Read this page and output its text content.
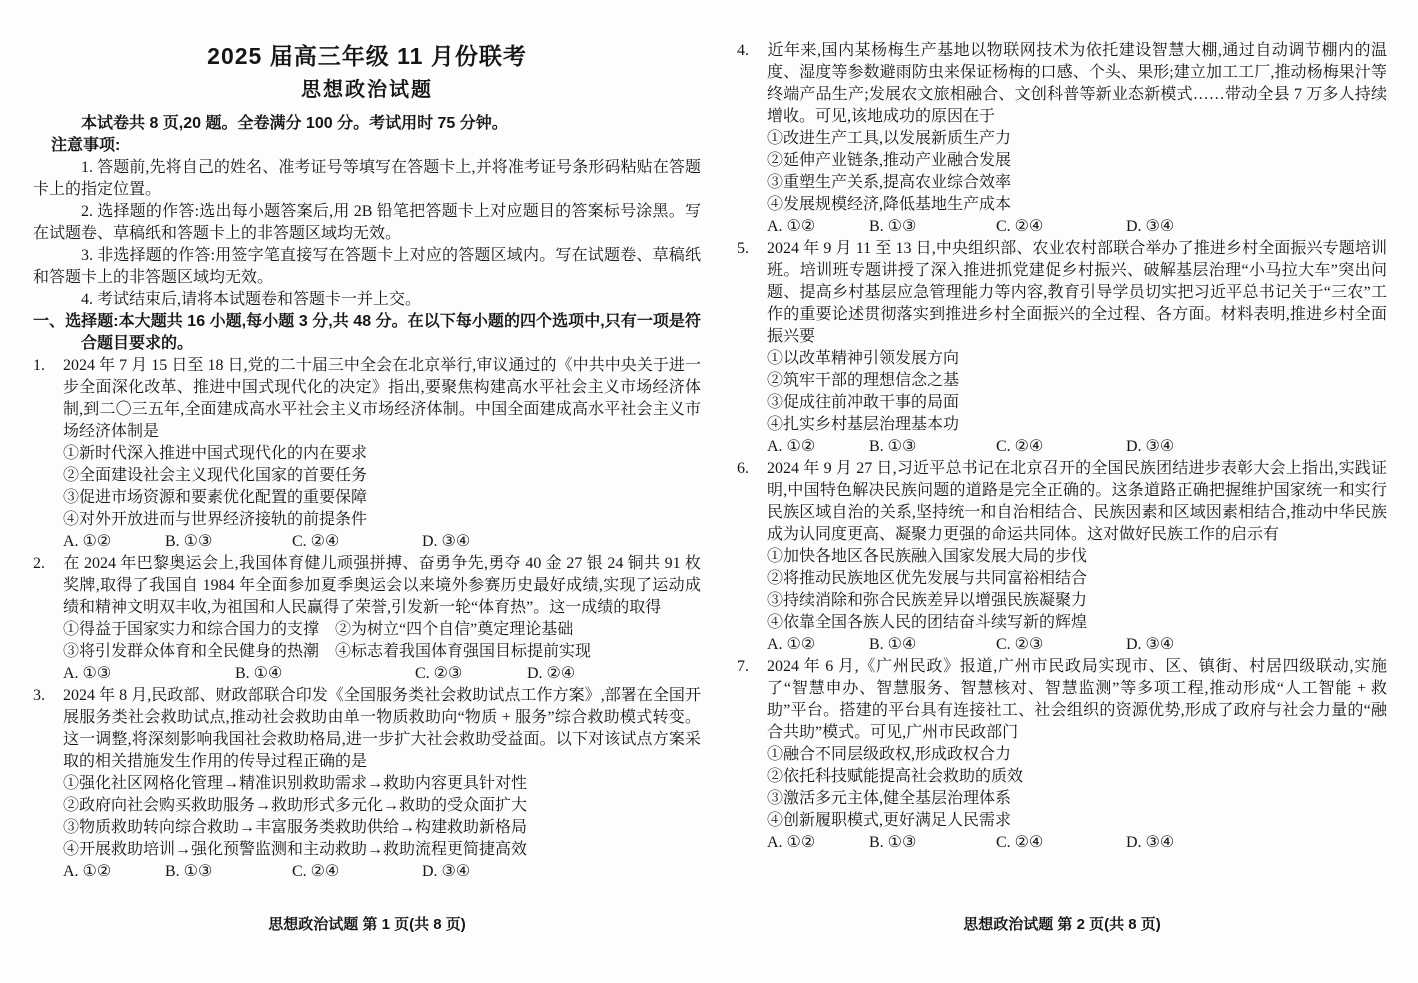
2025 届高三年级 11 月份联考

思想政治试题

本试卷共 8 页,20 题。全卷满分 100 分。考试用时 75 分钟。

注意事项:

1. 答题前,先将自己的姓名、准考证号等填写在答题卡上,并将准考证号条形码粘贴在答题卡上的指定位置。

2. 选择题的作答:选出每小题答案后,用 2B 铅笔把答题卡上对应题目的答案标号涂黑。写在试题卷、草稿纸和答题卡上的非答题区域均无效。

3. 非选择题的作答:用签字笔直接写在答题卡上对应的答题区域内。写在试题卷、草稿纸和答题卡上的非答题区域均无效。

4. 考试结束后,请将本试题卷和答题卡一并上交。

一、选择题:本大题共 16 小题,每小题 3 分,共 48 分。在以下每小题的四个选项中,只有一项是符合题目要求的。

1. 2024 年 7 月 15 日至 18 日,党的二十届三中全会在北京举行,审议通过的《中共中央关于进一步全面深化改革、推进中国式现代化的决定》指出,要聚焦构建高水平社会主义市场经济体制,到二〇三五年,全面建成高水平社会主义市场经济体制。中国全面建成高水平社会主义市场经济体制是

①新时代深入推进中国式现代化的内在要求
②全面建设社会主义现代化国家的首要任务
③促进市场资源和要素优化配置的重要保障
④对外开放进而与世界经济接轨的前提条件
A. ①②	B. ①③	C. ②④	D. ③④

2. 在 2024 年巴黎奥运会上,我国体育健儿顽强拼搏、奋勇争先,勇夺 40 金 27 银 24 铜共 91 枚奖牌,取得了我国自 1984 年全面参加夏季奥运会以来境外参赛历史最好成绩,实现了运动成绩和精神文明双丰收,为祖国和人民赢得了荣誉,引发新一轮“体育热”。这一成绩的取得

①得益于国家实力和综合国力的支撑 ②为树立“四个自信”奠定理论基础
③将引发群众体育和全民健身的热潮 ④标志着我国体育强国目标提前实现
A. ①③	B. ①④	C. ②③	D. ②④

3. 2024 年 8 月,民政部、财政部联合印发《全国服务类社会救助试点工作方案》,部署在全国开展服务类社会救助试点,推动社会救助由单一物质救助向“物质 + 服务”综合救助模式转变。这一调整,将深刻影响我国社会救助格局,进一步扩大社会救助受益面。以下对该试点方案采取的相关措施发生作用的传导过程正确的是

①强化社区网格化管理→精准识别救助需求→救助内容更具针对性
②政府向社会购买救助服务→救助形式多元化→救助的受众面扩大
③物质救助转向综合救助→丰富服务类救助供给→构建救助新格局
④开展救助培训→强化预警监测和主动救助→救助流程更简捷高效
A. ①②	B. ①③	C. ②④	D. ③④

思想政治试题 第 1 页(共 8 页)

4. 近年来,国内某杨梅生产基地以物联网技术为依托建设智慧大棚,通过自动调节棚内的温度、湿度等参数避雨防虫来保证杨梅的口感、个头、果形;建立加工工厂,推动杨梅果汁等终端产品生产;发展农文旅相融合、文创科普等新业态新模式……带动全县 7 万多人持续增收。可见,该地成功的原因在于

①改进生产工具,以发展新质生产力
②延伸产业链条,推动产业融合发展
③重塑生产关系,提高农业综合效率
④发展规模经济,降低基地生产成本
A. ①②	B. ①③	C. ②④	D. ③④

5. 2024 年 9 月 11 至 13 日,中央组织部、农业农村部联合举办了推进乡村全面振兴专题培训班。培训班专题讲授了深入推进抓党建促乡村振兴、破解基层治理“小马拉大车”突出问题、提高乡村基层应急管理能力等内容,教育引导学员切实把习近平总书记关于“三农”工作的重要论述贯彻落实到推进乡村全面振兴的全过程、各方面。材料表明,推进乡村全面振兴要

①以改革精神引领发展方向
②筑牢干部的理想信念之基
③促成往前冲敢干事的局面
④扎实乡村基层治理基本功
A. ①②	B. ①③	C. ②④	D. ③④

6. 2024 年 9 月 27 日,习近平总书记在北京召开的全国民族团结进步表彰大会上指出,实践证明,中国特色解决民族问题的道路是完全正确的。这条道路正确把握维护国家统一和实行民族区域自治的关系,坚持统一和自治相结合、民族因素和区域因素相结合,推动中华民族成为认同度更高、凝聚力更强的命运共同体。这对做好民族工作的启示有

①加快各地区各民族融入国家发展大局的步伐
②将推动民族地区优先发展与共同富裕相结合
③持续消除和弥合民族差异以增强民族凝聚力
④依靠全国各族人民的团结奋斗续写新的辉煌
A. ①②	B. ①④	C. ②③	D. ③④

7. 2024 年 6 月,《广州民政》报道,广州市民政局实现市、区、镇街、村居四级联动,实施了“智慧申办、智慧服务、智慧核对、智慧监测”等多项工程,推动形成“人工智能 + 救助”平台。搭建的平台具有连接社工、社会组织的资源优势,形成了政府与社会力量的“融合共助”模式。可见,广州市民政部门

①融合不同层级政权,形成政权合力
②依托科技赋能提高社会救助的质效
③激活多元主体,健全基层治理体系
④创新履职模式,更好满足人民需求
A. ①②	B. ①③	C. ②④	D. ③④

思想政治试题 第 2 页(共 8 页)
